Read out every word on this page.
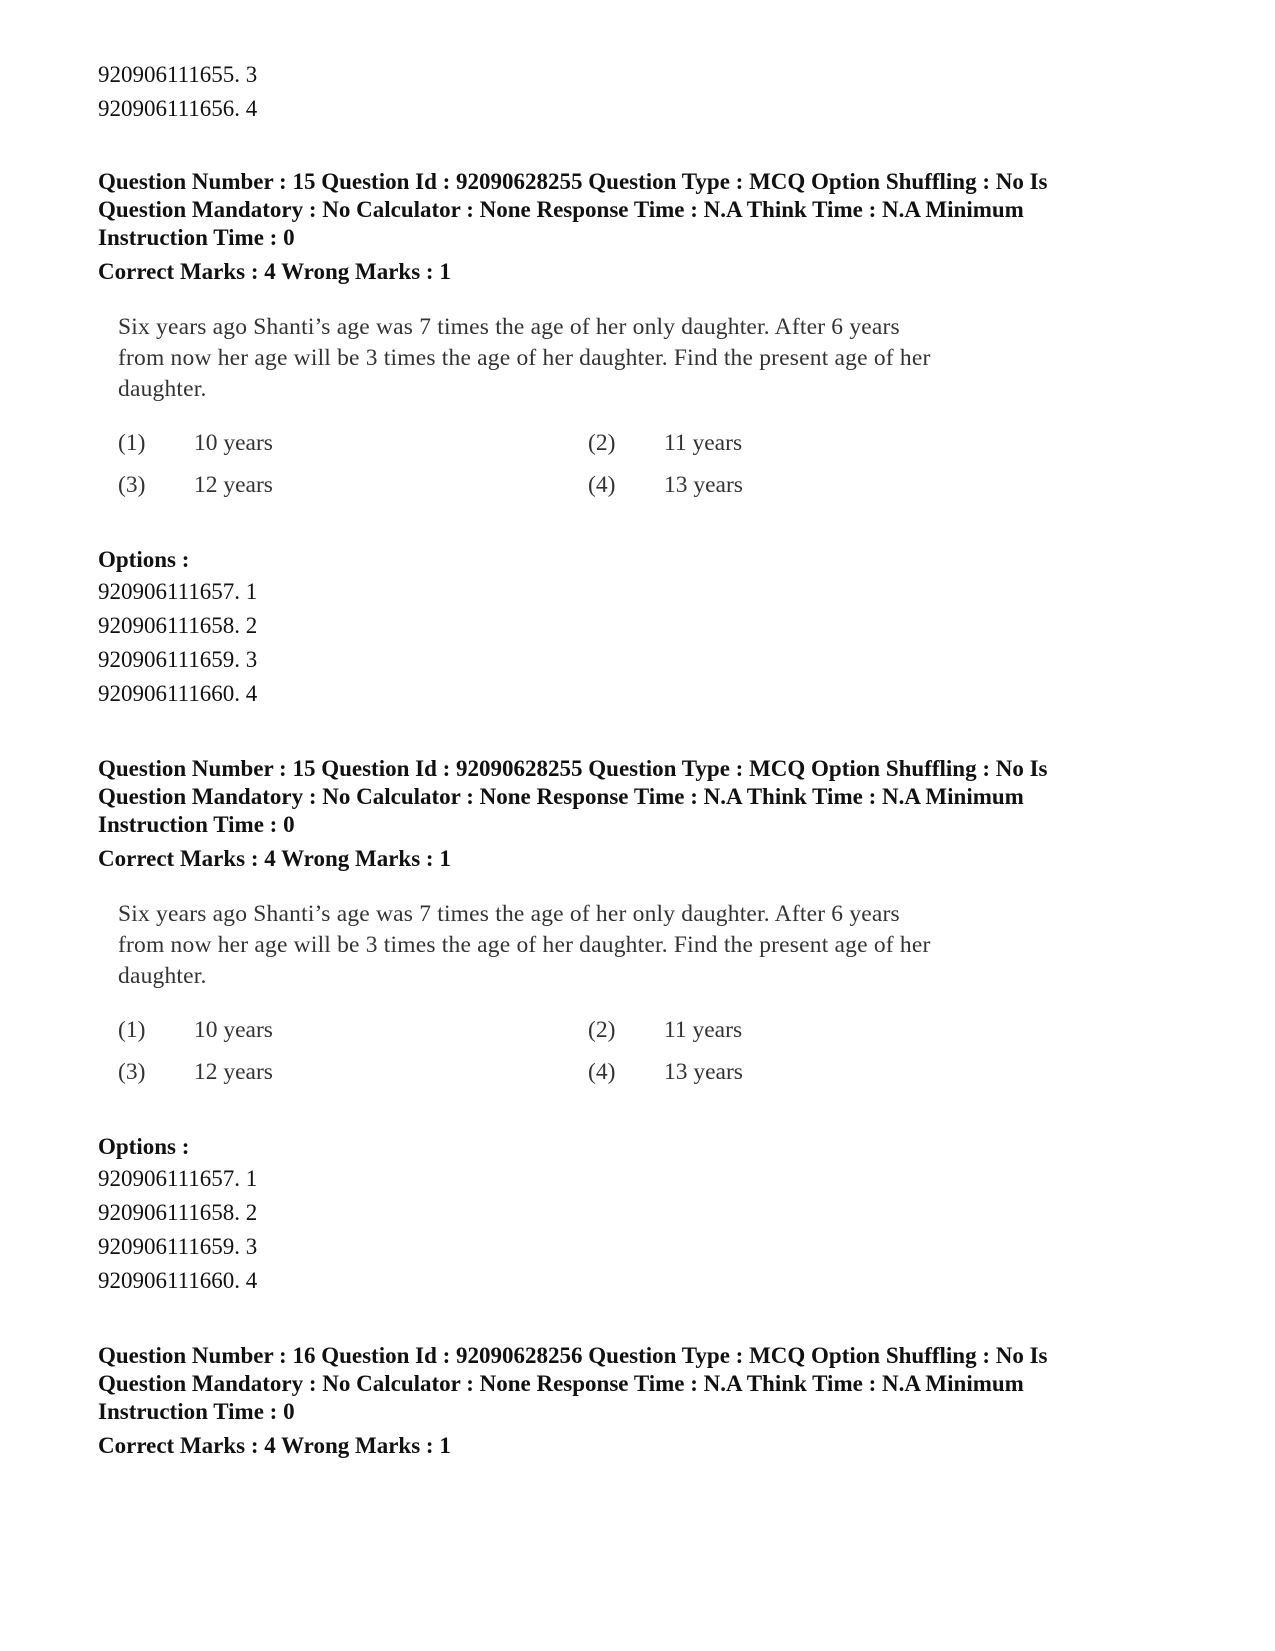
920906111655. 3
920906111656. 4
Question Number : 15 Question Id : 92090628255 Question Type : MCQ Option Shuffling : No Is
Question Mandatory : No Calculator : None Response Time : N.A Think Time : N.A Minimum
Instruction Time : 0
Correct Marks : 4 Wrong Marks : 1
Six years ago Shanti’s age was 7 times the age of her only daughter. After 6 years
from now her age will be 3 times the age of her daughter. Find the present age of her
daughter.
(1)	10 years	(2)	11 years
(3)	12 years	(4)	13 years
Options :
920906111657. 1
920906111658. 2
920906111659. 3
920906111660. 4
Question Number : 15 Question Id : 92090628255 Question Type : MCQ Option Shuffling : No Is
Question Mandatory : No Calculator : None Response Time : N.A Think Time : N.A Minimum
Instruction Time : 0
Correct Marks : 4 Wrong Marks : 1
Six years ago Shanti’s age was 7 times the age of her only daughter. After 6 years
from now her age will be 3 times the age of her daughter. Find the present age of her
daughter.
(1)	10 years	(2)	11 years
(3)	12 years	(4)	13 years
Options :
920906111657. 1
920906111658. 2
920906111659. 3
920906111660. 4
Question Number : 16 Question Id : 92090628256 Question Type : MCQ Option Shuffling : No Is
Question Mandatory : No Calculator : None Response Time : N.A Think Time : N.A Minimum
Instruction Time : 0
Correct Marks : 4 Wrong Marks : 1
